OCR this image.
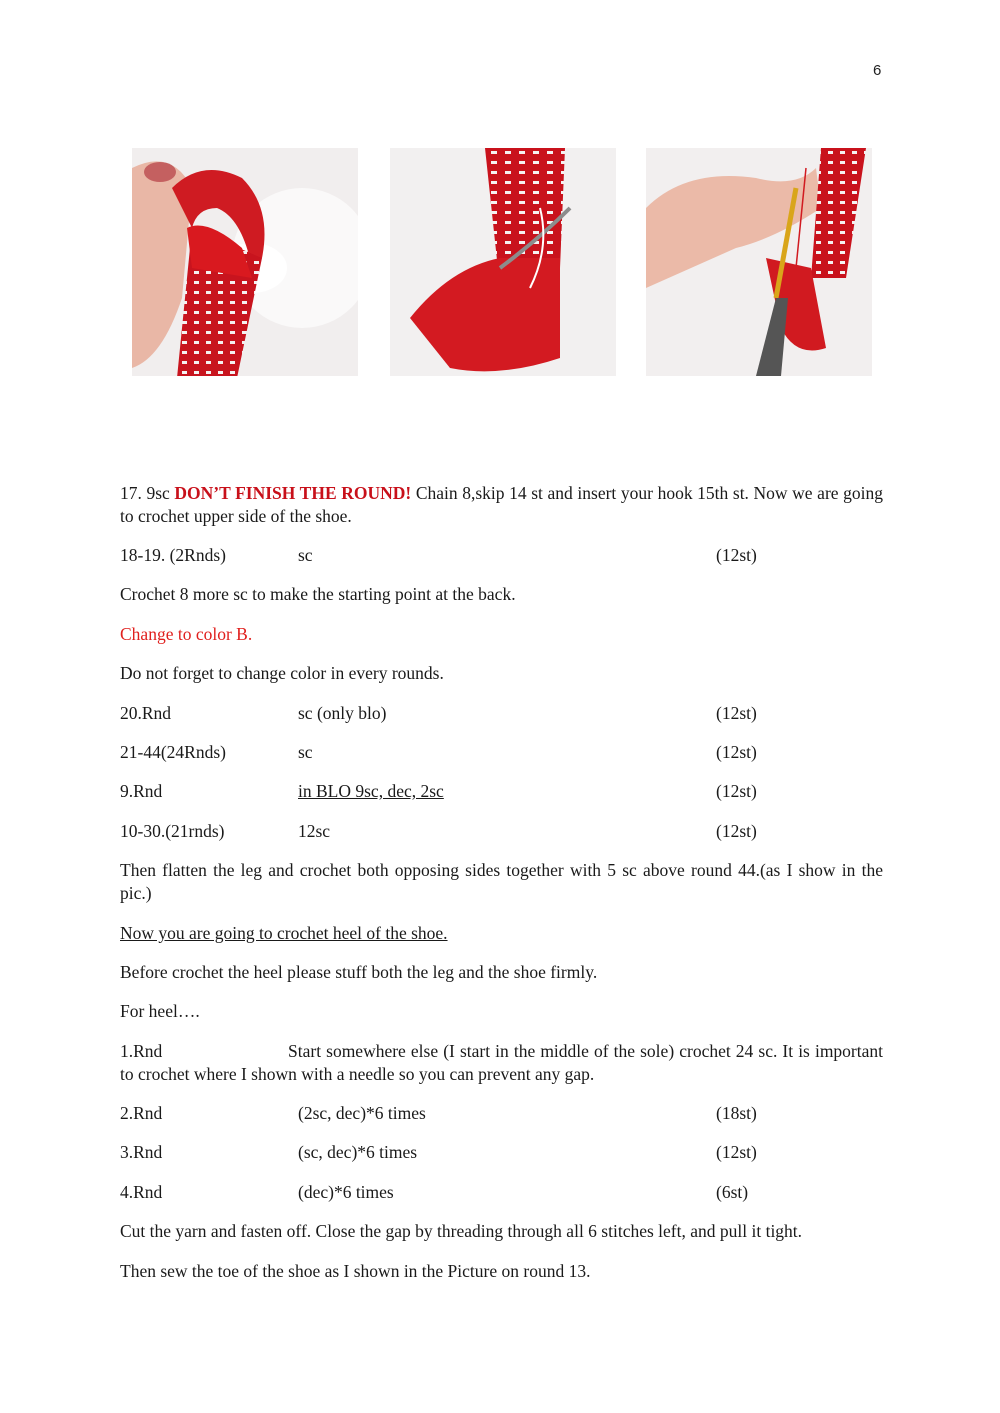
6

17. 9sc DON’T FINISH THE ROUND! Chain 8,skip 14 st and insert your hook 15th st. Now we are going to crochet upper side of the shoe.

18-19. (2Rnds)	sc	(12st)

Crochet 8 more sc to make the starting point at the back.

Change to color B.

Do not forget to change color in every rounds.

20.Rnd	sc (only blo)	(12st)
21-44(24Rnds)	sc	(12st)
9.Rnd	in BLO 9sc, dec, 2sc	(12st)
10-30.(21rnds)	12sc	(12st)

Then flatten the leg and crochet both opposing sides together with 5 sc above round 44.(as I show in the pic.)

Now you are going to crochet heel of the shoe.

Before crochet the heel please stuff both the leg and the shoe firmly.

For heel….

1.Rnd	Start somewhere else (I start in the middle of the sole) crochet 24 sc. It is important to crochet where I shown with a needle so you can prevent any gap.

2.Rnd	(2sc, dec)*6 times	(18st)
3.Rnd	(sc, dec)*6 times	(12st)
4.Rnd	(dec)*6 times	(6st)

Cut the yarn and fasten off. Close the gap by threading through all 6 stitches left, and pull it tight.

Then sew the toe of the shoe as I shown in the Picture on round 13.
